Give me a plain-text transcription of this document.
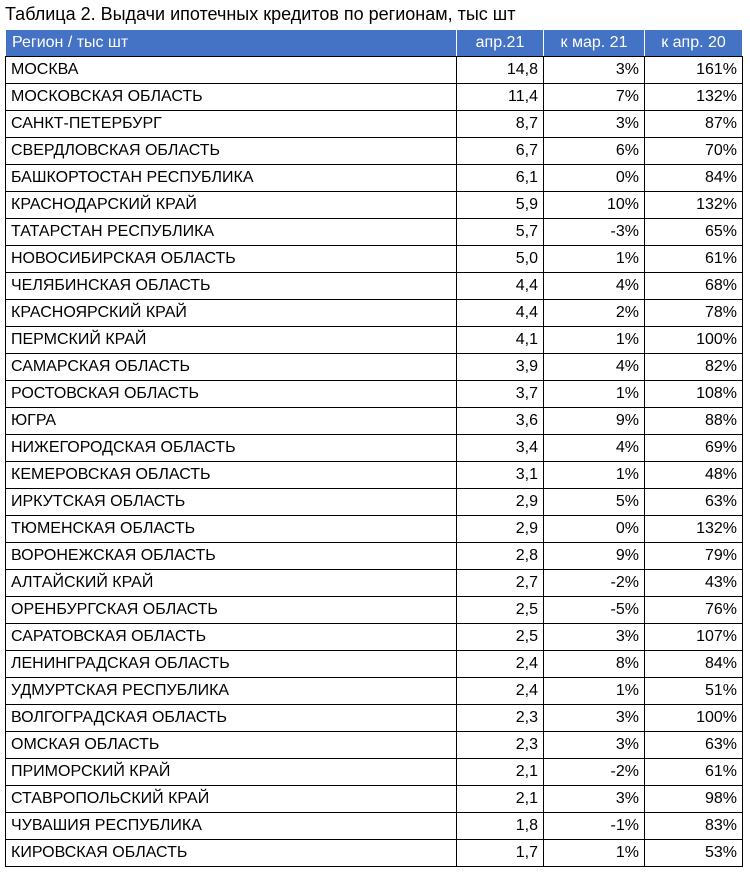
Таблица 2. Выдачи ипотечных кредитов по регионам, тыс шт
Регион / тыс шт	апр.21	к мар. 21	к апр. 20
МОСКВА	14,8	3%	161%
МОСКОВСКАЯ ОБЛАСТЬ	11,4	7%	132%
САНКТ-ПЕТЕРБУРГ	8,7	3%	87%
СВЕРДЛОВСКАЯ ОБЛАСТЬ	6,7	6%	70%
БАШКОРТОСТАН РЕСПУБЛИКА	6,1	0%	84%
КРАСНОДАРСКИЙ КРАЙ	5,9	10%	132%
ТАТАРСТАН РЕСПУБЛИКА	5,7	-3%	65%
НОВОСИБИРСКАЯ ОБЛАСТЬ	5,0	1%	61%
ЧЕЛЯБИНСКАЯ ОБЛАСТЬ	4,4	4%	68%
КРАСНОЯРСКИЙ КРАЙ	4,4	2%	78%
ПЕРМСКИЙ КРАЙ	4,1	1%	100%
САМАРСКАЯ ОБЛАСТЬ	3,9	4%	82%
РОСТОВСКАЯ ОБЛАСТЬ	3,7	1%	108%
ЮГРА	3,6	9%	88%
НИЖЕГОРОДСКАЯ ОБЛАСТЬ	3,4	4%	69%
КЕМЕРОВСКАЯ ОБЛАСТЬ	3,1	1%	48%
ИРКУТСКАЯ ОБЛАСТЬ	2,9	5%	63%
ТЮМЕНСКАЯ ОБЛАСТЬ	2,9	0%	132%
ВОРОНЕЖСКАЯ ОБЛАСТЬ	2,8	9%	79%
АЛТАЙСКИЙ КРАЙ	2,7	-2%	43%
ОРЕНБУРГСКАЯ ОБЛАСТЬ	2,5	-5%	76%
САРАТОВСКАЯ ОБЛАСТЬ	2,5	3%	107%
ЛЕНИНГРАДСКАЯ ОБЛАСТЬ	2,4	8%	84%
УДМУРТСКАЯ РЕСПУБЛИКА	2,4	1%	51%
ВОЛГОГРАДСКАЯ ОБЛАСТЬ	2,3	3%	100%
ОМСКАЯ ОБЛАСТЬ	2,3	3%	63%
ПРИМОРСКИЙ КРАЙ	2,1	-2%	61%
СТАВРОПОЛЬСКИЙ КРАЙ	2,1	3%	98%
ЧУВАШИЯ РЕСПУБЛИКА	1,8	-1%	83%
КИРОВСКАЯ ОБЛАСТЬ	1,7	1%	53%
